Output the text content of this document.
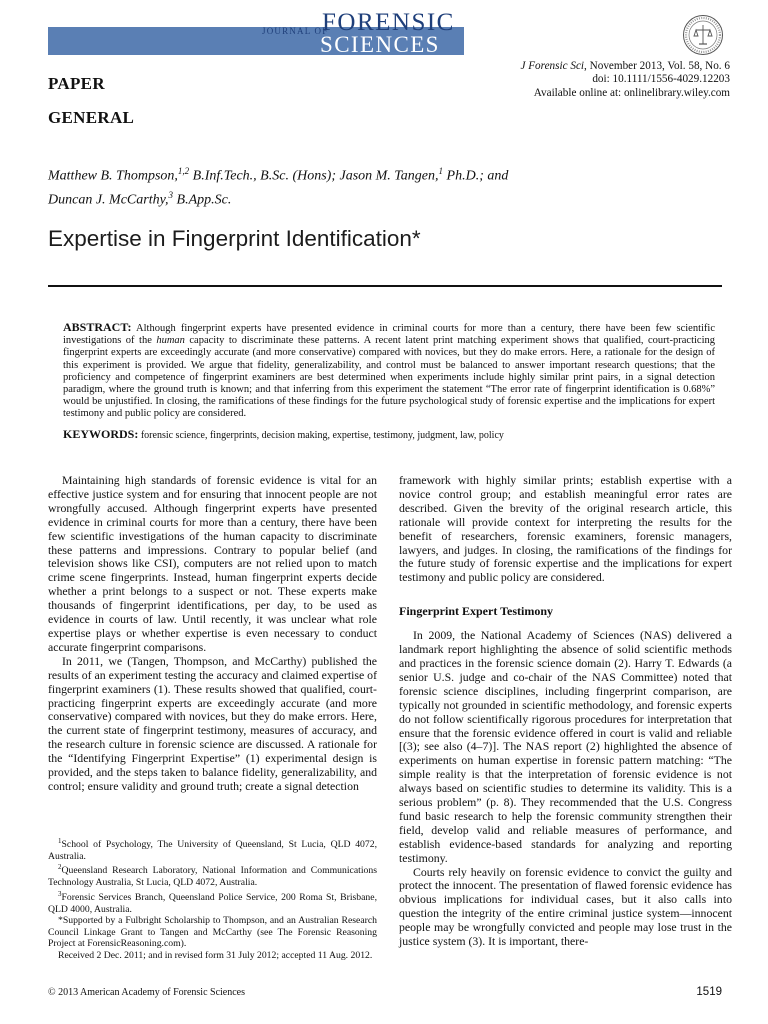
JOURNAL OF
FORENSIC
SCIENCES
J Forensic Sci, November 2013, Vol. 58, No. 6
doi: 10.1111/1556-4029.12203
Available online at: onlinelibrary.wiley.com
PAPER
GENERAL
Matthew B. Thompson,$^{1,2}$ B.Inf.Tech., B.Sc. (Hons); Jason M. Tangen,$^1$ Ph.D.; and
Duncan J. McCarthy,$^3$ B.App.Sc.
Expertise in Fingerprint Identification*
ABSTRACT: Although fingerprint experts have presented evidence in criminal courts for more than a century, there have been few scientific investigations of the human capacity to discriminate these patterns. A recent latent print matching experiment shows that qualified, court-practicing fingerprint experts are exceedingly accurate (and more conservative) compared with novices, but they do make errors. Here, a rationale for the design of this experiment is provided. We argue that fidelity, generalizability, and control must be balanced to answer important research questions; that the proficiency and competence of fingerprint examiners are best determined when experiments include highly similar print pairs, in a signal detection paradigm, where the ground truth is known; and that inferring from this experiment the statement “The error rate of fingerprint identification is 0.68%” would be unjustified. In closing, the ramifications of these findings for the future psychological study of forensic expertise and the implications for expert testimony and public policy are considered.
KEYWORDS: forensic science, fingerprints, decision making, expertise, testimony, judgment, law, policy

Maintaining high standards of forensic evidence is vital for an effective justice system and for ensuring that innocent people are not wrongfully accused. Although fingerprint experts have presented evidence in criminal courts for more than a century, there have been few scientific investigations of the human capacity to discriminate these patterns and impressions. Contrary to popular belief (and television shows like CSI), computers are not relied upon to match crime scene fingerprints. Instead, human fingerprint experts decide whether a print belongs to a suspect or not. These experts make thousands of fingerprint identifications, per day, to be used as evidence in courts of law. Until recently, it was unclear what role expertise plays or whether expertise is even necessary to conduct accurate fingerprint comparisons.

In 2011, we (Tangen, Thompson, and McCarthy) published the results of an experiment testing the accuracy and claimed expertise of fingerprint examiners (1). These results showed that qualified, court-practicing fingerprint experts are exceedingly accurate (and more conservative) compared with novices, but they do make errors. Here, the current state of fingerprint testimony, measures of accuracy, and the research culture in forensic science are discussed. A rationale for the “Identifying Fingerprint Expertise” (1) experimental design is provided, and the steps taken to balance fidelity, generalizability, and control; ensure validity and ground truth; create a signal detection

$^1$School of Psychology, The University of Queensland, St Lucia, QLD 4072, Australia.

$^2$Queensland Research Laboratory, National Information and Communications Technology Australia, St Lucia, QLD 4072, Australia.

$^3$Forensic Services Branch, Queensland Police Service, 200 Roma St, Brisbane, QLD 4000, Australia.

*Supported by a Fulbright Scholarship to Thompson, and an Australian Research Council Linkage Grant to Tangen and McCarthy (see The Forensic Reasoning Project at ForensicReasoning.com).

Received 2 Dec. 2011; and in revised form 31 July 2012; accepted 11 Aug. 2012.

framework with highly similar prints; establish expertise with a novice control group; and establish meaningful error rates are described. Given the brevity of the original research article, this rationale will provide context for interpreting the results for the benefit of researchers, forensic examiners, forensic managers, lawyers, and judges. In closing, the ramifications of the findings for the future study of forensic expertise and the implications for expert testimony and public policy are considered.

Fingerprint Expert Testimony

In 2009, the National Academy of Sciences (NAS) delivered a landmark report highlighting the absence of solid scientific methods and practices in the forensic science domain (2). Harry T. Edwards (a senior U.S. judge and co-chair of the NAS Committee) noted that forensic science disciplines, including fingerprint comparison, are typically not grounded in scientific methodology, and forensic experts do not follow scientifically rigorous procedures for interpretation that ensure that the forensic evidence offered in court is valid and reliable [(3); see also (4–7)]. The NAS report (2) highlighted the absence of experiments on human expertise in forensic pattern matching: “The simple reality is that the interpretation of forensic evidence is not always based on scientific studies to determine its validity. This is a serious problem” (p. 8). They recommended that the U.S. Congress fund basic research to help the forensic community strengthen their field, develop valid and reliable measures of performance, and establish evidence-based standards for analyzing and reporting testimony.

Courts rely heavily on forensic evidence to convict the guilty and protect the innocent. The presentation of flawed forensic evidence has obvious implications for individual cases, but it also calls into question the integrity of the entire criminal justice system—innocent people may be wrongfully convicted and people may lose trust in the justice system (3). It is important, there-

© 2013 American Academy of Forensic Sciences	1519
